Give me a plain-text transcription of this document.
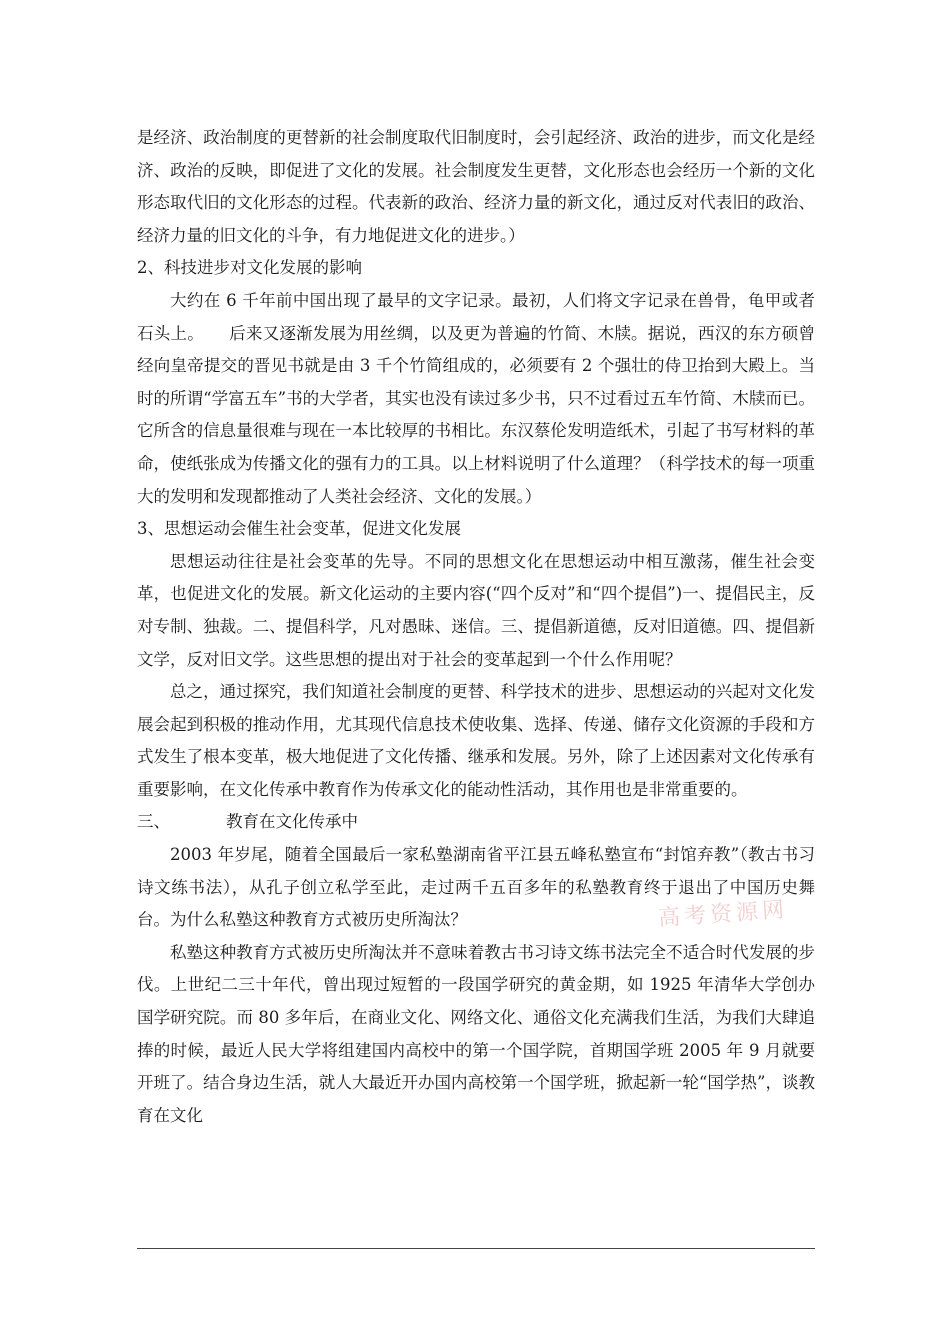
是经济、政治制度的更替新的社会制度取代旧制度时，会引起经济、政治的进步，而文化是经济、政治的反映，即促进了文化的发展。社会制度发生更替，文化形态也会经历一个新的文化形态取代旧的文化形态的过程。代表新的政治、经济力量的新文化，通过反对代表旧的政治、经济力量的旧文化的斗争，有力地促进文化的进步。）

2、科技进步对文化发展的影响

大约在 6 千年前中国出现了最早的文字记录。最初，人们将文字记录在兽骨，龟甲或者石头上。　　后来又逐渐发展为用丝绸，以及更为普遍的竹简、木牍。据说，西汉的东方硕曾经向皇帝提交的晋见书就是由 3 千个竹简组成的，必须要有 2 个强壮的侍卫抬到大殿上。当时的所谓“学富五车”书的大学者，其实也没有读过多少书，只不过看过五车竹简、木牍而已。它所含的信息量很难与现在一本比较厚的书相比。东汉蔡伦发明造纸术，引起了书写材料的革命，使纸张成为传播文化的强有力的工具。以上材料说明了什么道理？（科学技术的每一项重大的发明和发现都推动了人类社会经济、文化的发展。）

3、思想运动会催生社会变革，促进文化发展

思想运动往往是社会变革的先导。不同的思想文化在思想运动中相互激荡，催生社会变革，也促进文化的发展。新文化运动的主要内容(“四个反对”和“四个提倡”)一、提倡民主，反对专制、独裁。二、提倡科学，凡对愚昧、迷信。三、提倡新道德，反对旧道德。四、提倡新文学，反对旧文学。这些思想的提出对于社会的变革起到一个什么作用呢？

总之，通过探究，我们知道社会制度的更替、科学技术的进步、思想运动的兴起对文化发展会起到积极的推动作用，尤其现代信息技术使收集、选择、传递、储存文化资源的手段和方式发生了根本变革，极大地促进了文化传播、继承和发展。另外，除了上述因素对文化传承有重要影响，在文化传承中教育作为传承文化的能动性活动，其作用也是非常重要的。

三、	教育在文化传承中

2003 年岁尾，随着全国最后一家私塾湖南省平江县五峰私塾宣布“封馆弃教”（教古书习诗文练书法），从孔子创立私学至此，走过两千五百多年的私塾教育终于退出了中国历史舞台。为什么私塾这种教育方式被历史所淘汰？

私塾这种教育方式被历史所淘汰并不意味着教古书习诗文练书法完全不适合时代发展的步伐。上世纪二三十年代，曾出现过短暂的一段国学研究的黄金期，如 1925 年清华大学创办国学研究院。而 80 多年后，在商业文化、网络文化、通俗文化充满我们生活，为我们大肆追捧的时候，最近人民大学将组建国内高校中的第一个国学院，首期国学班 2005 年 9 月就要开班了。结合身边生活，就人大最近开办国内高校第一个国学班，掀起新一轮“国学热”，谈教育在文化

高考资源网
